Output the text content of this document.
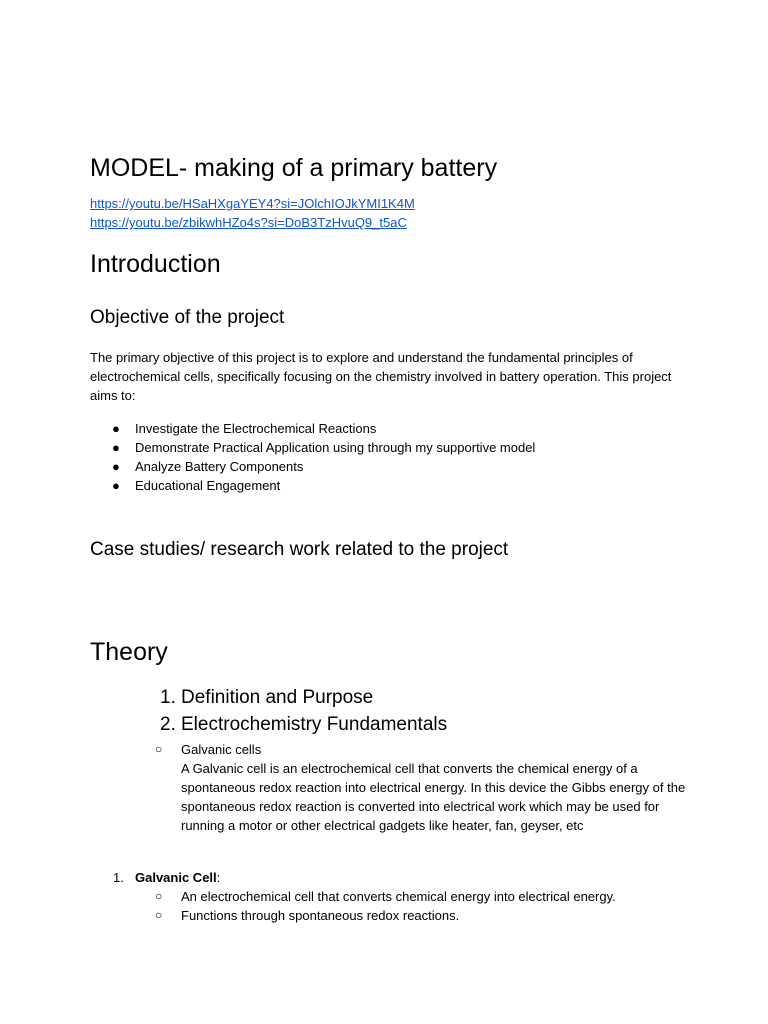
MODEL- making of a primary battery
https://youtu.be/HSaHXgaYEY4?si=JOlchIOJkYMI1K4M
https://youtu.be/zbikwhHZo4s?si=DoB3TzHvuQ9_t5aC
Introduction
Objective of the project

The primary objective of this project is to explore and understand the fundamental principles of electrochemical cells, specifically focusing on the chemistry involved in battery operation. This project aims to:

● Investigate the Electrochemical Reactions
● Demonstrate Practical Application using through my supportive model
● Analyze Battery Components
● Educational Engagement
Case studies/ research work related to the project
Theory
1. Definition and Purpose
2. Electrochemistry Fundamentals
○ Galvanic cells
A Galvanic cell is an electrochemical cell that converts the chemical energy of a spontaneous redox reaction into electrical energy. In this device the Gibbs energy of the spontaneous redox reaction is converted into electrical work which may be used for running a motor or other electrical gadgets like heater, fan, geyser, etc
1. Galvanic Cell:
○ An electrochemical cell that converts chemical energy into electrical energy.
○ Functions through spontaneous redox reactions.
